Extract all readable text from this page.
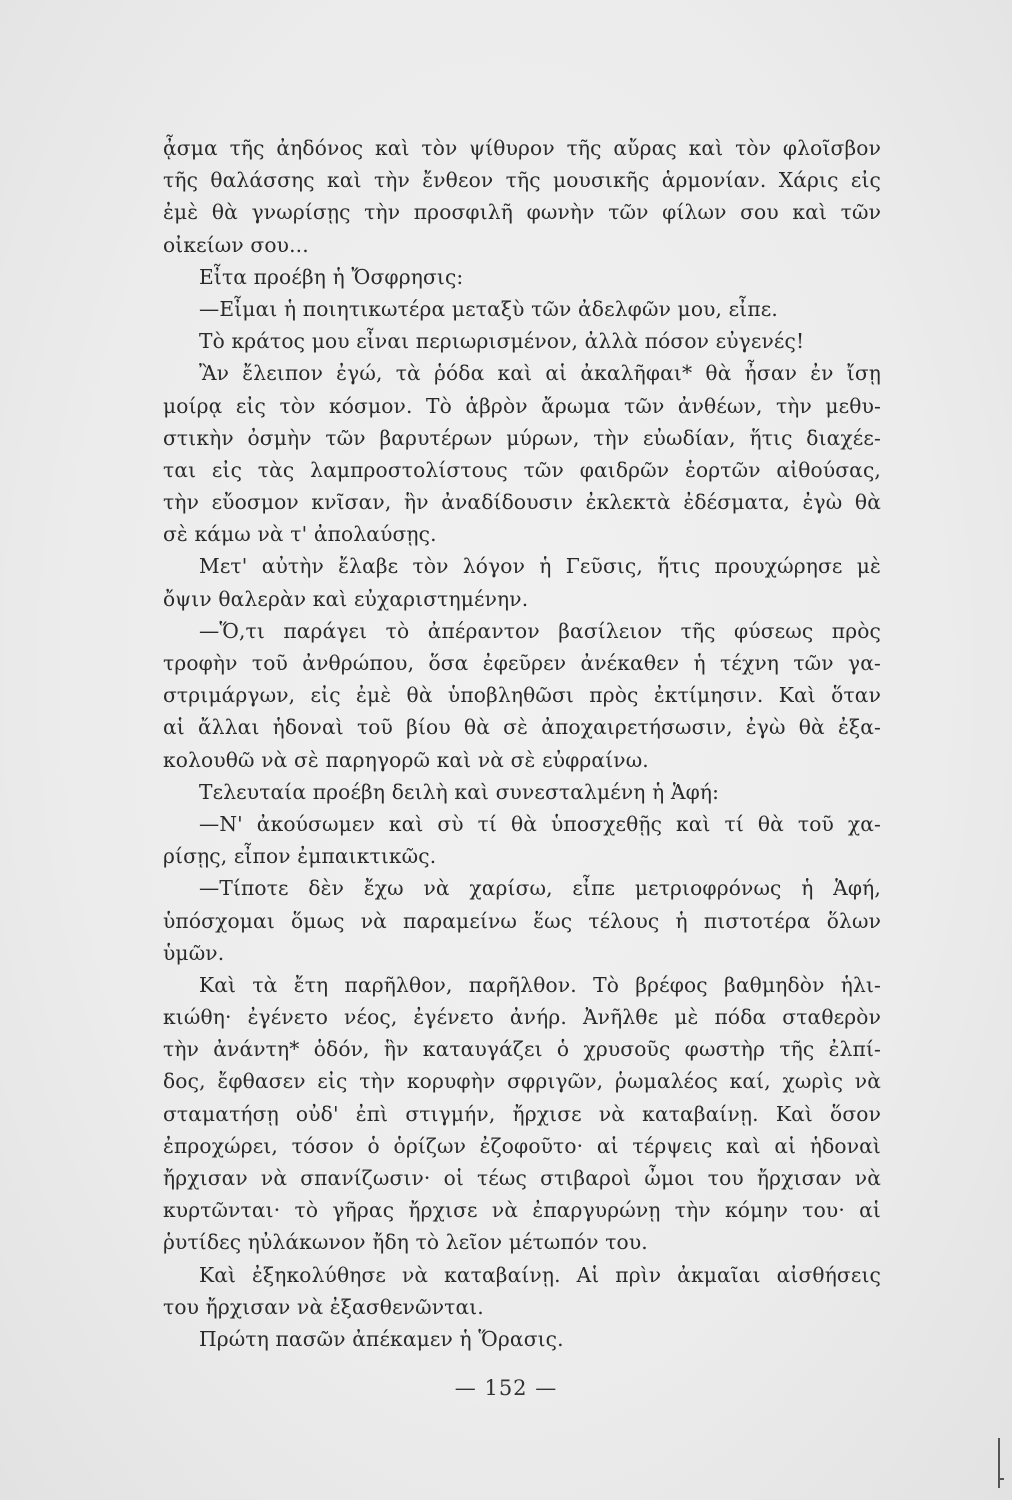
ᾆσμα τῆς ἀηδόνος καὶ τὸν ψίθυρον τῆς αὔρας καὶ τὸν φλοῖσβον
τῆς θαλάσσης καὶ τὴν ἔνθεον τῆς μουσικῆς ἁρμονίαν. Χάρις εἰς
ἐμὲ θὰ γνωρίσῃς τὴν προσφιλῆ φωνὴν τῶν φίλων σου καὶ τῶν
οἰκείων σου...
Εἶτα προέβη ἡ Ὄσφρησις:
—Εἶμαι ἡ ποιητικωτέρα μεταξὺ τῶν ἀδελφῶν μου, εἶπε.
Τὸ κράτος μου εἶναι περιωρισμένον, ἀλλὰ πόσον εὐγενές!
Ἂν ἔλειπον ἐγώ, τὰ ῥόδα καὶ αἱ ἀκαλῆφαι* θὰ ἦσαν ἐν ἴσῃ
μοίρᾳ εἰς τὸν κόσμον. Τὸ ἁβρὸν ἄρωμα τῶν ἀνθέων, τὴν μεθυ-
στικὴν ὀσμὴν τῶν βαρυτέρων μύρων, τὴν εὐωδίαν, ἥτις διαχέε-
ται εἰς τὰς λαμπροστολίστους τῶν φαιδρῶν ἑορτῶν αἰθούσας,
τὴν εὔοσμον κνῖσαν, ἣν ἀναδίδουσιν ἐκλεκτὰ ἐδέσματα, ἐγὼ θὰ
σὲ κάμω νὰ τ' ἀπολαύσῃς.
Μετ' αὐτὴν ἔλαβε τὸν λόγον ἡ Γεῦσις, ἥτις προυχώρησε μὲ
ὄψιν θαλερὰν καὶ εὐχαριστημένην.
—Ὅ,τι παράγει τὸ ἀπέραντον βασίλειον τῆς φύσεως πρὸς
τροφὴν τοῦ ἀνθρώπου, ὅσα ἐφεῦρεν ἀνέκαθεν ἡ τέχνη τῶν γα-
στριμάργων, εἰς ἐμὲ θὰ ὑποβληθῶσι πρὸς ἐκτίμησιν. Καὶ ὅταν
αἱ ἄλλαι ἡδοναὶ τοῦ βίου θὰ σὲ ἀποχαιρετήσωσιν, ἐγὼ θὰ ἐξα-
κολουθῶ νὰ σὲ παρηγορῶ καὶ νὰ σὲ εὐφραίνω.
Τελευταία προέβη δειλὴ καὶ συνεσταλμένη ἡ Ἁφή:
—Ν' ἀκούσωμεν καὶ σὺ τί θὰ ὑποσχεθῇς καὶ τί θὰ τοῦ χα-
ρίσῃς, εἶπον ἐμπαικτικῶς.
—Τίποτε δὲν ἔχω νὰ χαρίσω, εἶπε μετριοφρόνως ἡ Ἁφή,
ὑπόσχομαι ὅμως νὰ παραμείνω ἕως τέλους ἡ πιστοτέρα ὅλων
ὑμῶν.
Καὶ τὰ ἔτη παρῆλθον, παρῆλθον. Τὸ βρέφος βαθμηδὸν ἡλι-
κιώθη· ἐγένετο νέος, ἐγένετο ἀνήρ. Ἀνῆλθε μὲ πόδα σταθερὸν
τὴν ἀνάντη* ὁδόν, ἣν καταυγάζει ὁ χρυσοῦς φωστὴρ τῆς ἐλπί-
δος, ἔφθασεν εἰς τὴν κορυφὴν σφριγῶν, ῥωμαλέος καί, χωρὶς νὰ
σταματήσῃ οὐδ' ἐπὶ στιγμήν, ἤρχισε νὰ καταβαίνῃ. Καὶ ὅσον
ἐπροχώρει, τόσον ὁ ὁρίζων ἐζοφοῦτο· αἱ τέρψεις καὶ αἱ ἡδοναὶ
ἤρχισαν νὰ σπανίζωσιν· οἱ τέως στιβαροὶ ὦμοι του ἤρχισαν νὰ
κυρτῶνται· τὸ γῆρας ἤρχισε νὰ ἐπαργυρώνῃ τὴν κόμην του· αἱ
ῥυτίδες ηὐλάκωνον ἤδη τὸ λεῖον μέτωπόν του.
Καὶ ἐξηκολύθησε νὰ καταβαίνῃ. Αἱ πρὶν ἀκμαῖαι αἰσθήσεις
του ἤρχισαν νὰ ἐξασθενῶνται.
Πρώτη πασῶν ἀπέκαμεν ἡ Ὅρασις.
— 152 —
